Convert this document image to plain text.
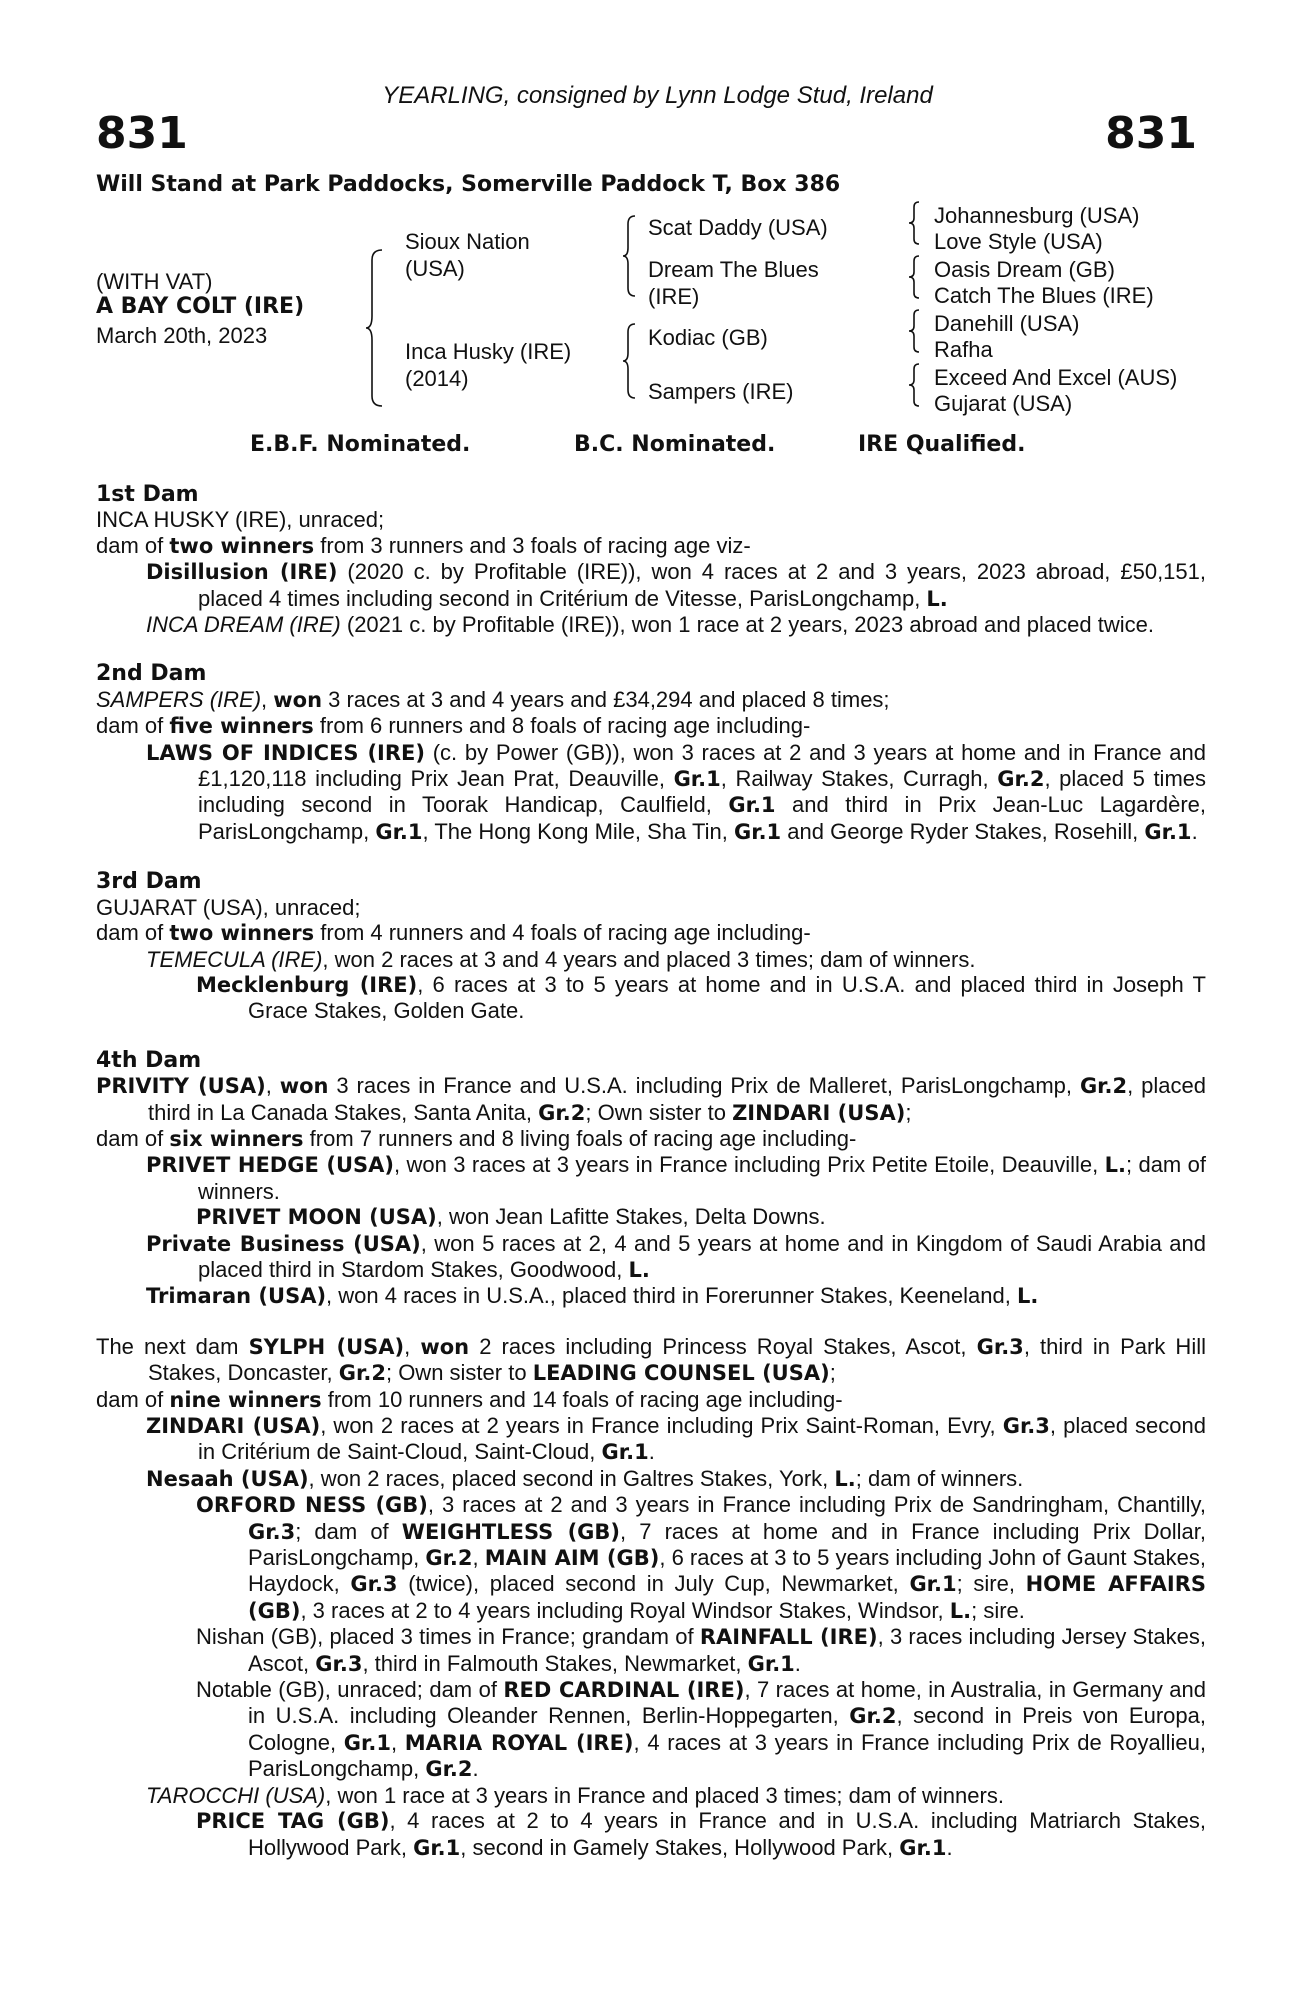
831	831
YEARLING, consigned by Lynn Lodge Stud, Ireland
Will Stand at Park Paddocks, Somerville Paddock T, Box 386
(WITH VAT)
A BAY COLT (IRE)
March 20th, 2023
Sioux Nation
(USA)
Inca Husky (IRE)
(2014)
Scat Daddy (USA)
Dream The Blues
(IRE)
Kodiac (GB)
Sampers (IRE)
Johannesburg (USA)
Love Style (USA)
Oasis Dream (GB)
Catch The Blues (IRE)
Danehill (USA)
Rafha
Exceed And Excel (AUS)
Gujarat (USA)
E.B.F. Nominated.	B.C. Nominated.	IRE Qualified.
1st Dam
INCA HUSKY (IRE), unraced;
dam of two winners from 3 runners and 3 foals of racing age viz-
Disillusion (IRE) (2020 c. by Profitable (IRE)), won 4 races at 2 and 3 years, 2023 abroad, £50,151, placed 4 times including second in Critérium de Vitesse, ParisLongchamp, L.
INCA DREAM (IRE) (2021 c. by Profitable (IRE)), won 1 race at 2 years, 2023 abroad and placed twice.
2nd Dam
SAMPERS (IRE), won 3 races at 3 and 4 years and £34,294 and placed 8 times;
dam of five winners from 6 runners and 8 foals of racing age including-
LAWS OF INDICES (IRE) (c. by Power (GB)), won 3 races at 2 and 3 years at home and in France and £1,120,118 including Prix Jean Prat, Deauville, Gr.1, Railway Stakes, Curragh, Gr.2, placed 5 times including second in Toorak Handicap, Caulfield, Gr.1 and third in Prix Jean-Luc Lagardère, ParisLongchamp, Gr.1, The Hong Kong Mile, Sha Tin, Gr.1 and George Ryder Stakes, Rosehill, Gr.1.
3rd Dam
GUJARAT (USA), unraced;
dam of two winners from 4 runners and 4 foals of racing age including-
TEMECULA (IRE), won 2 races at 3 and 4 years and placed 3 times; dam of winners.
Mecklenburg (IRE), 6 races at 3 to 5 years at home and in U.S.A. and placed third in Joseph T Grace Stakes, Golden Gate.
4th Dam
PRIVITY (USA), won 3 races in France and U.S.A. including Prix de Malleret, ParisLongchamp, Gr.2, placed third in La Canada Stakes, Santa Anita, Gr.2; Own sister to ZINDARI (USA);
dam of six winners from 7 runners and 8 living foals of racing age including-
PRIVET HEDGE (USA), won 3 races at 3 years in France including Prix Petite Etoile, Deauville, L.; dam of winners.
PRIVET MOON (USA), won Jean Lafitte Stakes, Delta Downs.
Private Business (USA), won 5 races at 2, 4 and 5 years at home and in Kingdom of Saudi Arabia and placed third in Stardom Stakes, Goodwood, L.
Trimaran (USA), won 4 races in U.S.A., placed third in Forerunner Stakes, Keeneland, L.
The next dam SYLPH (USA), won 2 races including Princess Royal Stakes, Ascot, Gr.3, third in Park Hill Stakes, Doncaster, Gr.2; Own sister to LEADING COUNSEL (USA);
dam of nine winners from 10 runners and 14 foals of racing age including-
ZINDARI (USA), won 2 races at 2 years in France including Prix Saint-Roman, Evry, Gr.3, placed second in Critérium de Saint-Cloud, Saint-Cloud, Gr.1.
Nesaah (USA), won 2 races, placed second in Galtres Stakes, York, L.; dam of winners.
ORFORD NESS (GB), 3 races at 2 and 3 years in France including Prix de Sandringham, Chantilly, Gr.3; dam of WEIGHTLESS (GB), 7 races at home and in France including Prix Dollar, ParisLongchamp, Gr.2, MAIN AIM (GB), 6 races at 3 to 5 years including John of Gaunt Stakes, Haydock, Gr.3 (twice), placed second in July Cup, Newmarket, Gr.1; sire, HOME AFFAIRS (GB), 3 races at 2 to 4 years including Royal Windsor Stakes, Windsor, L.; sire.
Nishan (GB), placed 3 times in France; grandam of RAINFALL (IRE), 3 races including Jersey Stakes, Ascot, Gr.3, third in Falmouth Stakes, Newmarket, Gr.1.
Notable (GB), unraced; dam of RED CARDINAL (IRE), 7 races at home, in Australia, in Germany and in U.S.A. including Oleander Rennen, Berlin-Hoppegarten, Gr.2, second in Preis von Europa, Cologne, Gr.1, MARIA ROYAL (IRE), 4 races at 3 years in France including Prix de Royallieu, ParisLongchamp, Gr.2.
TAROCCHI (USA), won 1 race at 3 years in France and placed 3 times; dam of winners.
PRICE TAG (GB), 4 races at 2 to 4 years in France and in U.S.A. including Matriarch Stakes, Hollywood Park, Gr.1, second in Gamely Stakes, Hollywood Park, Gr.1.
